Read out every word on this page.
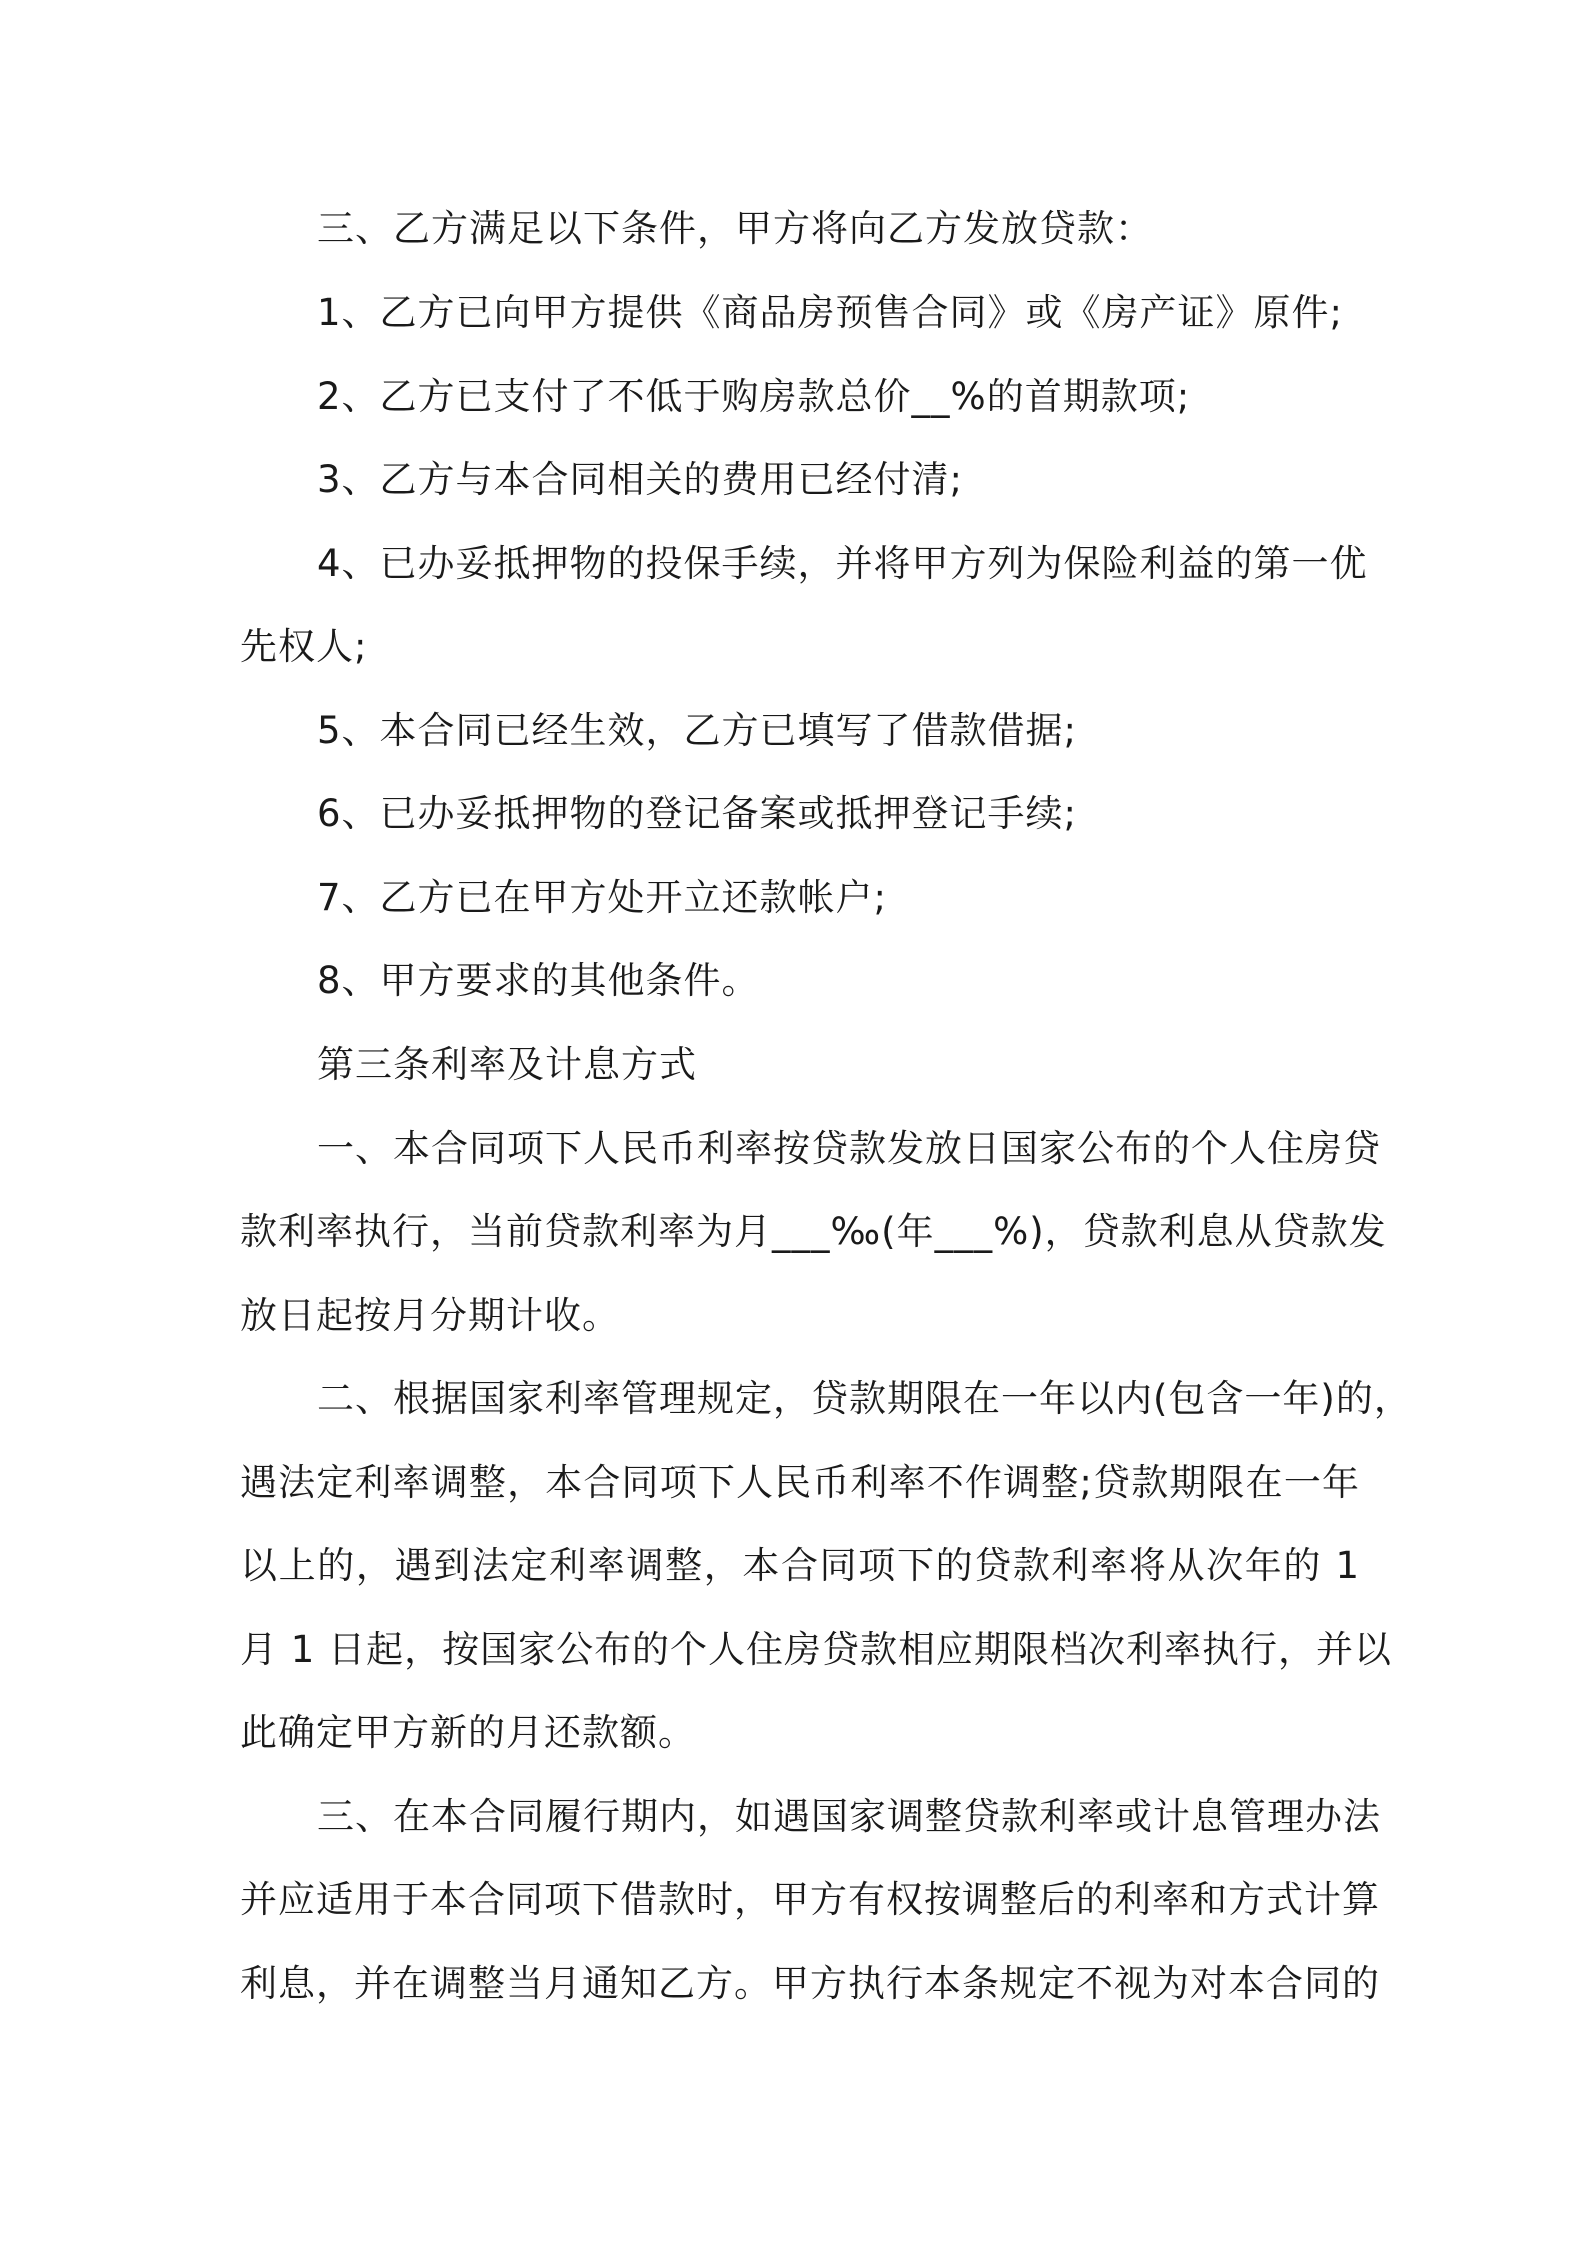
三、乙方满足以下条件，甲方将向乙方发放贷款：
1、乙方已向甲方提供《商品房预售合同》或《房产证》原件;
2、乙方已支付了不低于购房款总价__%的首期款项;
3、乙方与本合同相关的费用已经付清;
4、已办妥抵押物的投保手续，并将甲方列为保险利益的第一优
先权人;
5、本合同已经生效，乙方已填写了借款借据;
6、已办妥抵押物的登记备案或抵押登记手续;
7、乙方已在甲方处开立还款帐户;
8、甲方要求的其他条件。
第三条利率及计息方式
一、本合同项下人民币利率按贷款发放日国家公布的个人住房贷
款利率执行，当前贷款利率为月___‰(年___%)，贷款利息从贷款发
放日起按月分期计收。
二、根据国家利率管理规定，贷款期限在一年以内(包含一年)的，
遇法定利率调整，本合同项下人民币利率不作调整;贷款期限在一年
以上的，遇到法定利率调整，本合同项下的贷款利率将从次年的 1
月 1 日起，按国家公布的个人住房贷款相应期限档次利率执行，并以
此确定甲方新的月还款额。
三、在本合同履行期内，如遇国家调整贷款利率或计息管理办法
并应适用于本合同项下借款时，甲方有权按调整后的利率和方式计算
利息，并在调整当月通知乙方。甲方执行本条规定不视为对本合同的
